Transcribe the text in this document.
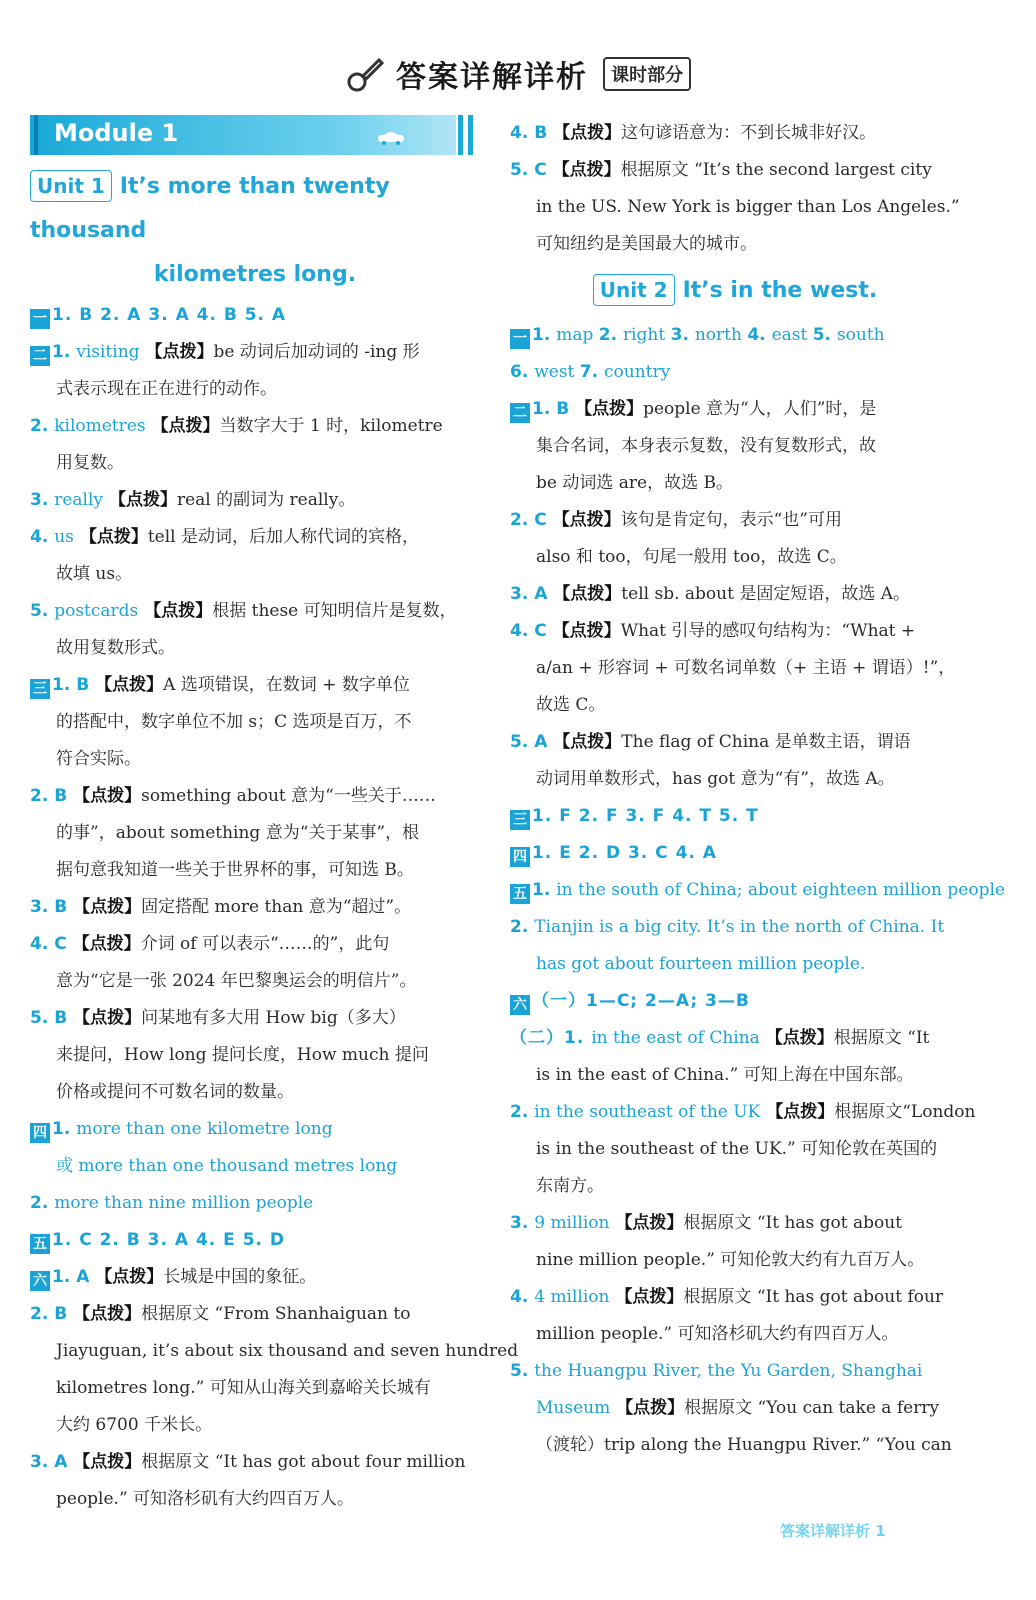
答案详解详析 课时部分
Module 1
Unit 1 It’s more than twenty thousand
kilometres long.
一 1. B 2. A 3. A 4. B 5. A
二 1. visiting 【点拨】be 动词后加动词的 -ing 形
式表示现在正在进行的动作。
2. kilometres 【点拨】当数字大于 1 时，kilometre
用复数。
3. really 【点拨】real 的副词为 really。
4. us 【点拨】tell 是动词，后加人称代词的宾格，
故填 us。
5. postcards 【点拨】根据 these 可知明信片是复数，
故用复数形式。
三 1. B 【点拨】A 选项错误，在数词 + 数字单位
的搭配中，数字单位不加 s；C 选项是百万，不
符合实际。
2. B 【点拨】something about 意为“一些关于……
的事”，about something 意为“关于某事”，根
据句意我知道一些关于世界杯的事，可知选 B。
3. B 【点拨】固定搭配 more than 意为“超过”。
4. C 【点拨】介词 of 可以表示“……的”，此句
意为“它是一张 2024 年巴黎奥运会的明信片”。
5. B 【点拨】问某地有多大用 How big（多大）
来提问，How long 提问长度，How much 提问
价格或提问不可数名词的数量。
四 1. more than one kilometre long
或 more than one thousand metres long
2. more than nine million people
五 1. C 2. B 3. A 4. E 5. D
六 1. A 【点拨】长城是中国的象征。
2. B 【点拨】根据原文 “From Shanhaiguan to
Jiayuguan, it’s about six thousand and seven hundred
kilometres long.” 可知从山海关到嘉峪关长城有
大约 6700 千米长。
3. A 【点拨】根据原文 “It has got about four million
people.” 可知洛杉矶有大约四百万人。
4. B 【点拨】这句谚语意为：不到长城非好汉。
5. C 【点拨】根据原文 “It’s the second largest city
in the US. New York is bigger than Los Angeles.”
可知纽约是美国最大的城市。
Unit 2 It’s in the west.
一 1. map 2. right 3. north 4. east 5. south
6. west 7. country
二 1. B 【点拨】people 意为“人，人们”时，是
集合名词，本身表示复数，没有复数形式，故
be 动词选 are，故选 B。
2. C 【点拨】该句是肯定句，表示“也”可用
also 和 too，句尾一般用 too，故选 C。
3. A 【点拨】tell sb. about 是固定短语，故选 A。
4. C 【点拨】What 引导的感叹句结构为：“What +
a/an + 形容词 + 可数名词单数（+ 主语 + 谓语）!”，
故选 C。
5. A 【点拨】The flag of China 是单数主语，谓语
动词用单数形式，has got 意为“有”，故选 A。
三 1. F 2. F 3. F 4. T 5. T
四 1. E 2. D 3. C 4. A
五 1. in the south of China; about eighteen million people
2. Tianjin is a big city. It’s in the north of China. It
has got about fourteen million people.
六 （一）1—C; 2—A; 3—B
（二）1. in the east of China 【点拨】根据原文 “It
is in the east of China.” 可知上海在中国东部。
2. in the southeast of the UK 【点拨】根据原文“London
is in the southeast of the UK.” 可知伦敦在英国的
东南方。
3. 9 million 【点拨】根据原文 “It has got about
nine million people.” 可知伦敦大约有九百万人。
4. 4 million 【点拨】根据原文 “It has got about four
million people.” 可知洛杉矶大约有四百万人。
5. the Huangpu River, the Yu Garden, Shanghai
Museum 【点拨】根据原文 “You can take a ferry
（渡轮）trip along the Huangpu River.” “You can
答案详解详析 1
